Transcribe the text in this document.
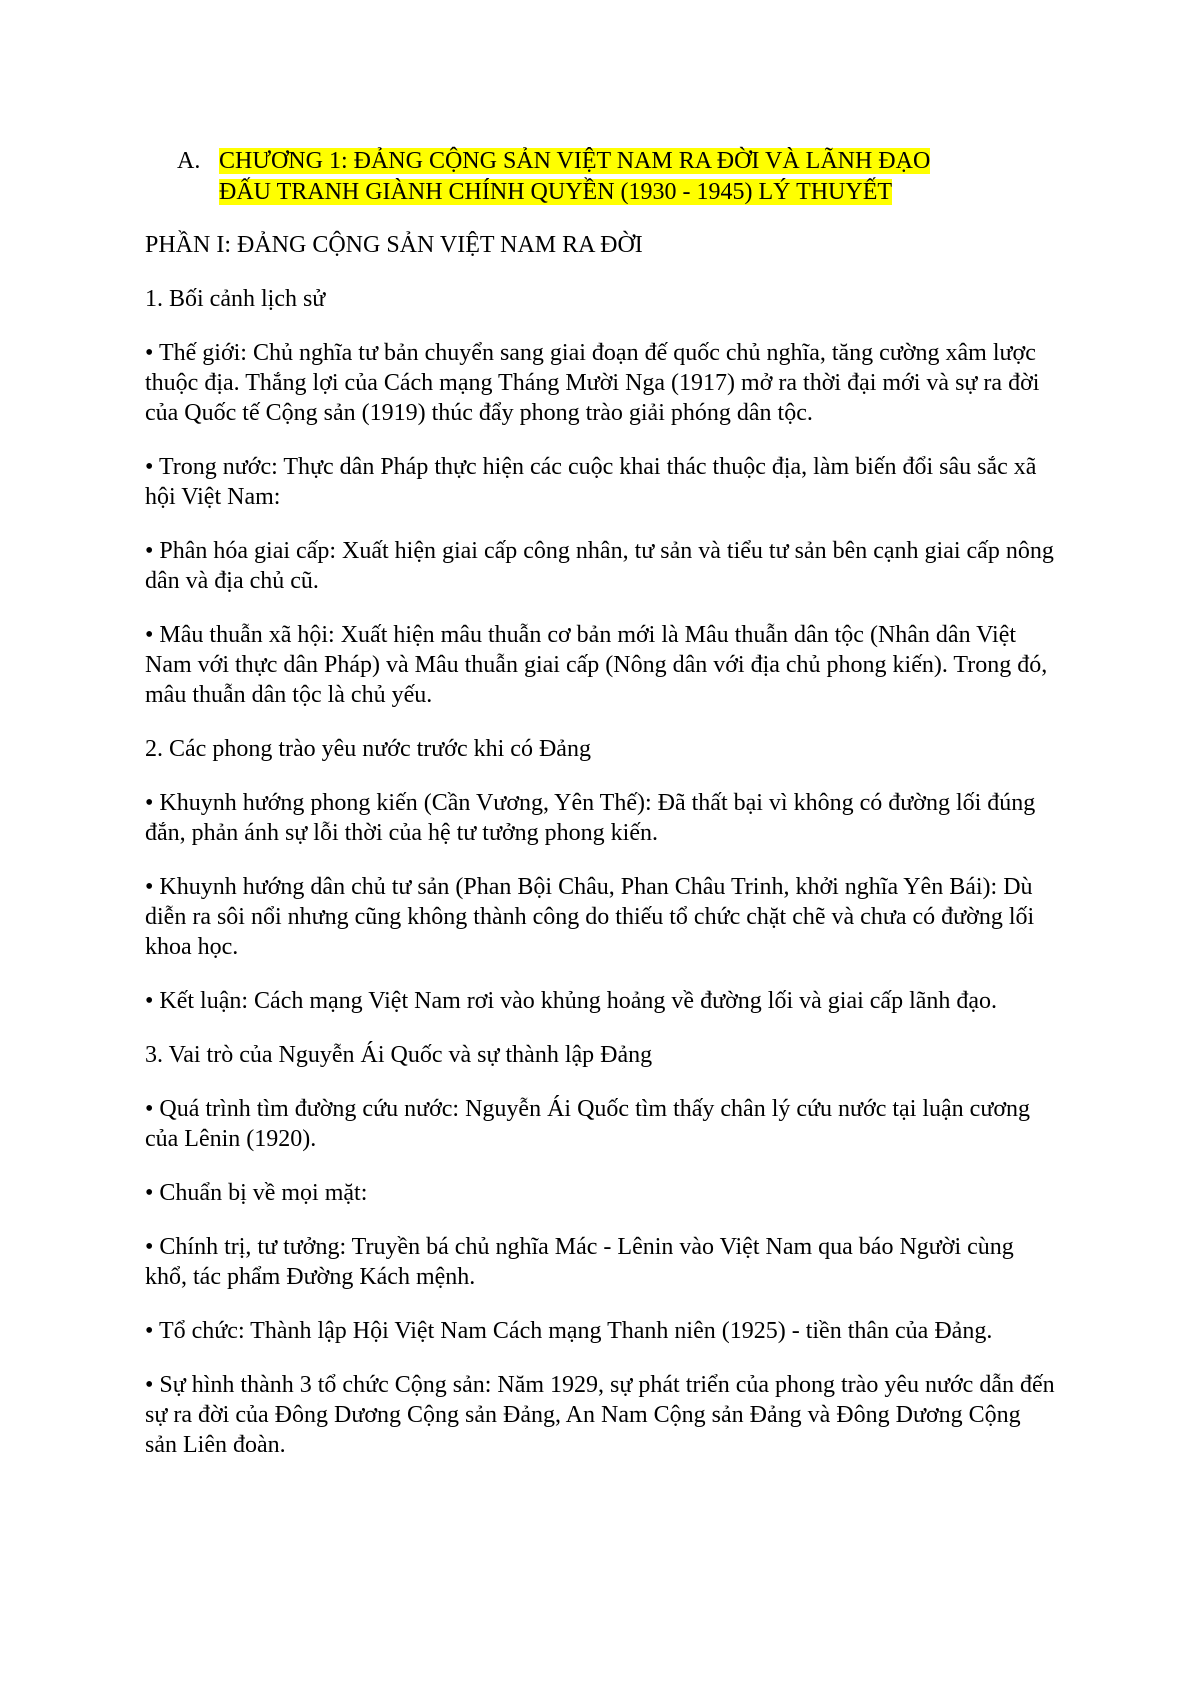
A. CHƯƠNG 1: ĐẢNG CỘNG SẢN VIỆT NAM RA ĐỜI VÀ LÃNH ĐẠO
ĐẤU TRANH GIÀNH CHÍNH QUYỀN (1930 - 1945) LÝ THUYẾT

PHẦN I: ĐẢNG CỘNG SẢN VIỆT NAM RA ĐỜI

1. Bối cảnh lịch sử

• Thế giới: Chủ nghĩa tư bản chuyển sang giai đoạn đế quốc chủ nghĩa, tăng cường xâm lược thuộc địa. Thắng lợi của Cách mạng Tháng Mười Nga (1917) mở ra thời đại mới và sự ra đời của Quốc tế Cộng sản (1919) thúc đẩy phong trào giải phóng dân tộc.

• Trong nước: Thực dân Pháp thực hiện các cuộc khai thác thuộc địa, làm biến đổi sâu sắc xã hội Việt Nam:

• Phân hóa giai cấp: Xuất hiện giai cấp công nhân, tư sản và tiểu tư sản bên cạnh giai cấp nông dân và địa chủ cũ.

• Mâu thuẫn xã hội: Xuất hiện mâu thuẫn cơ bản mới là Mâu thuẫn dân tộc (Nhân dân Việt Nam với thực dân Pháp) và Mâu thuẫn giai cấp (Nông dân với địa chủ phong kiến). Trong đó, mâu thuẫn dân tộc là chủ yếu.

2. Các phong trào yêu nước trước khi có Đảng

• Khuynh hướng phong kiến (Cần Vương, Yên Thế): Đã thất bại vì không có đường lối đúng đắn, phản ánh sự lỗi thời của hệ tư tưởng phong kiến.

• Khuynh hướng dân chủ tư sản (Phan Bội Châu, Phan Châu Trinh, khởi nghĩa Yên Bái): Dù diễn ra sôi nổi nhưng cũng không thành công do thiếu tổ chức chặt chẽ và chưa có đường lối khoa học.

• Kết luận: Cách mạng Việt Nam rơi vào khủng hoảng về đường lối và giai cấp lãnh đạo.

3. Vai trò của Nguyễn Ái Quốc và sự thành lập Đảng

• Quá trình tìm đường cứu nước: Nguyễn Ái Quốc tìm thấy chân lý cứu nước tại luận cương của Lênin (1920).

• Chuẩn bị về mọi mặt:

• Chính trị, tư tưởng: Truyền bá chủ nghĩa Mác - Lênin vào Việt Nam qua báo Người cùng khổ, tác phẩm Đường Kách mệnh.

• Tổ chức: Thành lập Hội Việt Nam Cách mạng Thanh niên (1925) - tiền thân của Đảng.

• Sự hình thành 3 tổ chức Cộng sản: Năm 1929, sự phát triển của phong trào yêu nước dẫn đến sự ra đời của Đông Dương Cộng sản Đảng, An Nam Cộng sản Đảng và Đông Dương Cộng sản Liên đoàn.
